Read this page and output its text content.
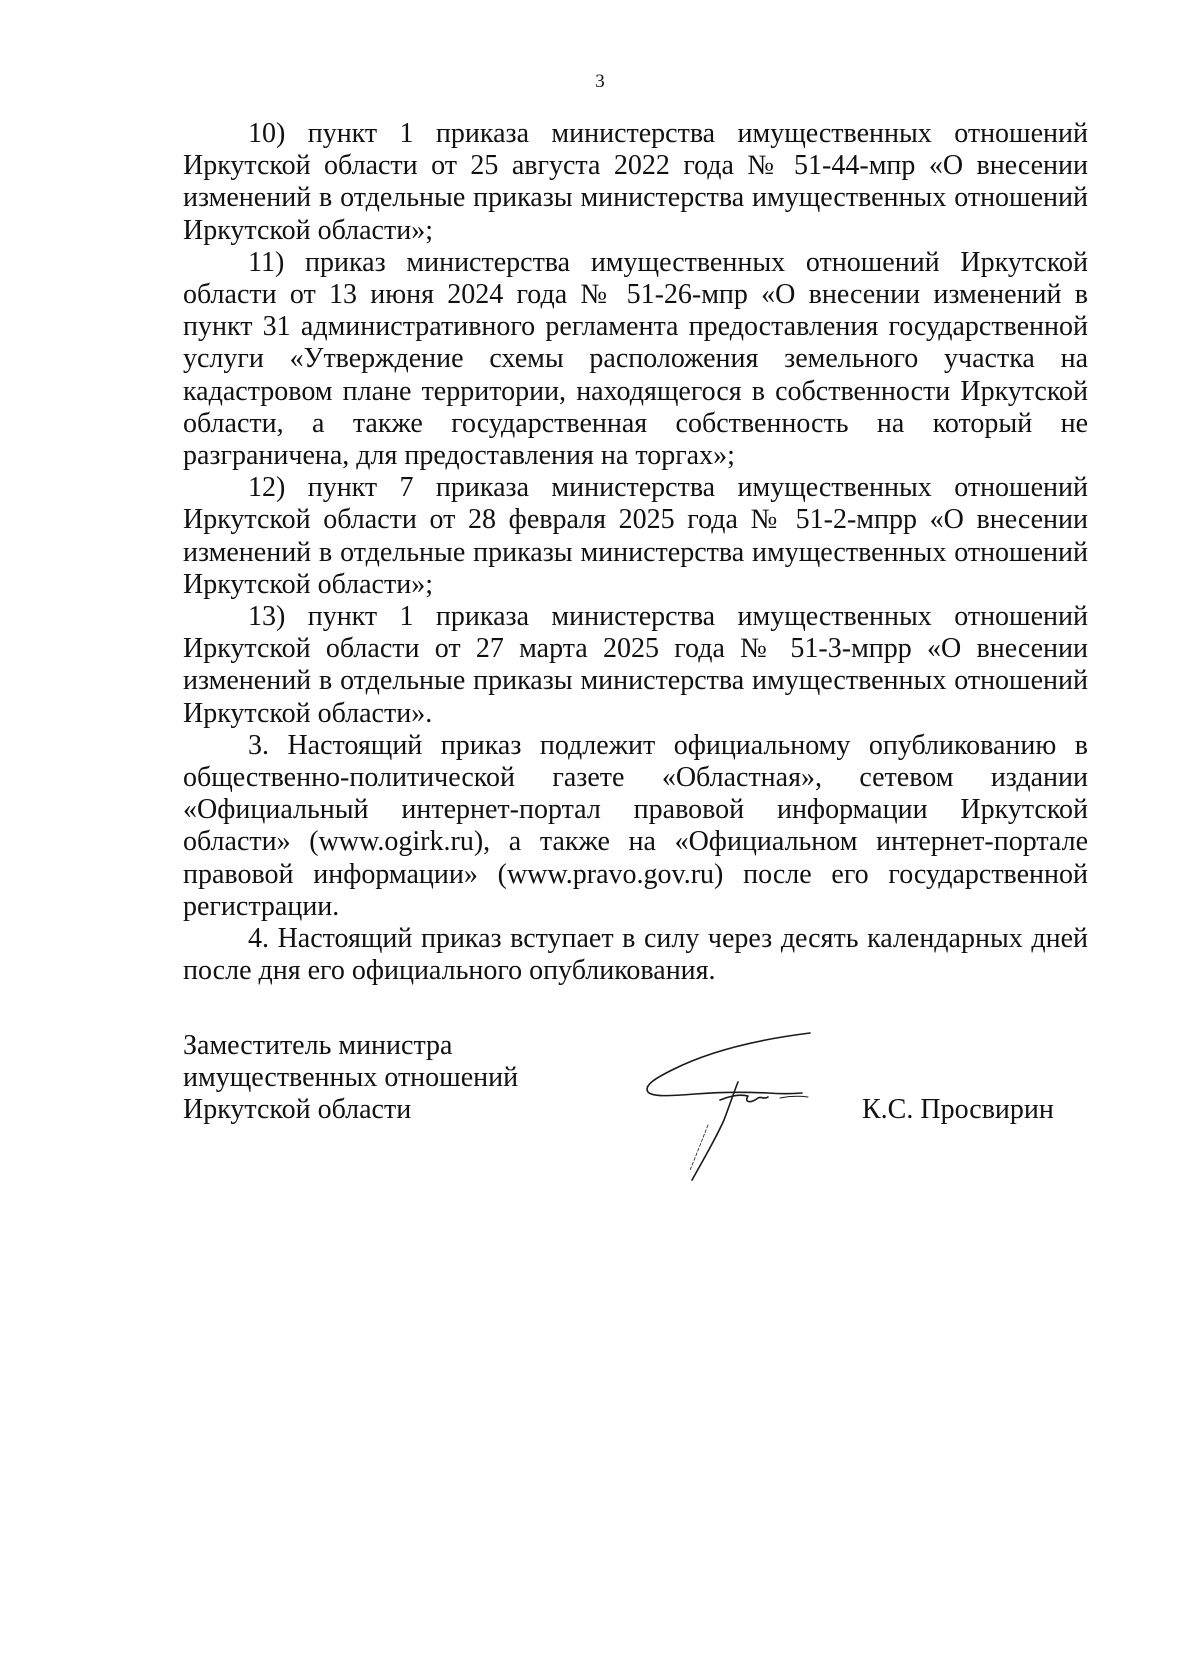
3

10) пункт 1 приказа министерства имущественных отношений Иркутской области от 25 августа 2022 года № 51-44-мпр «О внесении изменений в отдельные приказы министерства имущественных отношений Иркутской области»;

11) приказ министерства имущественных отношений Иркутской области от 13 июня 2024 года № 51-26-мпр «О внесении изменений в пункт 31 административного регламента предоставления государственной услуги «Утверждение схемы расположения земельного участка на кадастровом плане территории, находящегося в собственности Иркутской области, а также государственная собственность на который не разграничена, для предоставления на торгах»;

12) пункт 7 приказа министерства имущественных отношений Иркутской области от 28 февраля 2025 года № 51-2-мпрр «О внесении изменений в отдельные приказы министерства имущественных отношений Иркутской области»;

13) пункт 1 приказа министерства имущественных отношений Иркутской области от 27 марта 2025 года № 51-3-мпрр «О внесении изменений в отдельные приказы министерства имущественных отношений Иркутской области».

3. Настоящий приказ подлежит официальному опубликованию в общественно-политической газете «Областная», сетевом издании «Официальный интернет-портал правовой информации Иркутской области» (www.ogirk.ru), а также на «Официальном интернет-портале правовой информации» (www.pravo.gov.ru) после его государственной регистрации.

4. Настоящий приказ вступает в силу через десять календарных дней после дня его официального опубликования.

Заместитель министра
имущественных отношений
Иркутской области	К.С. Просвирин
